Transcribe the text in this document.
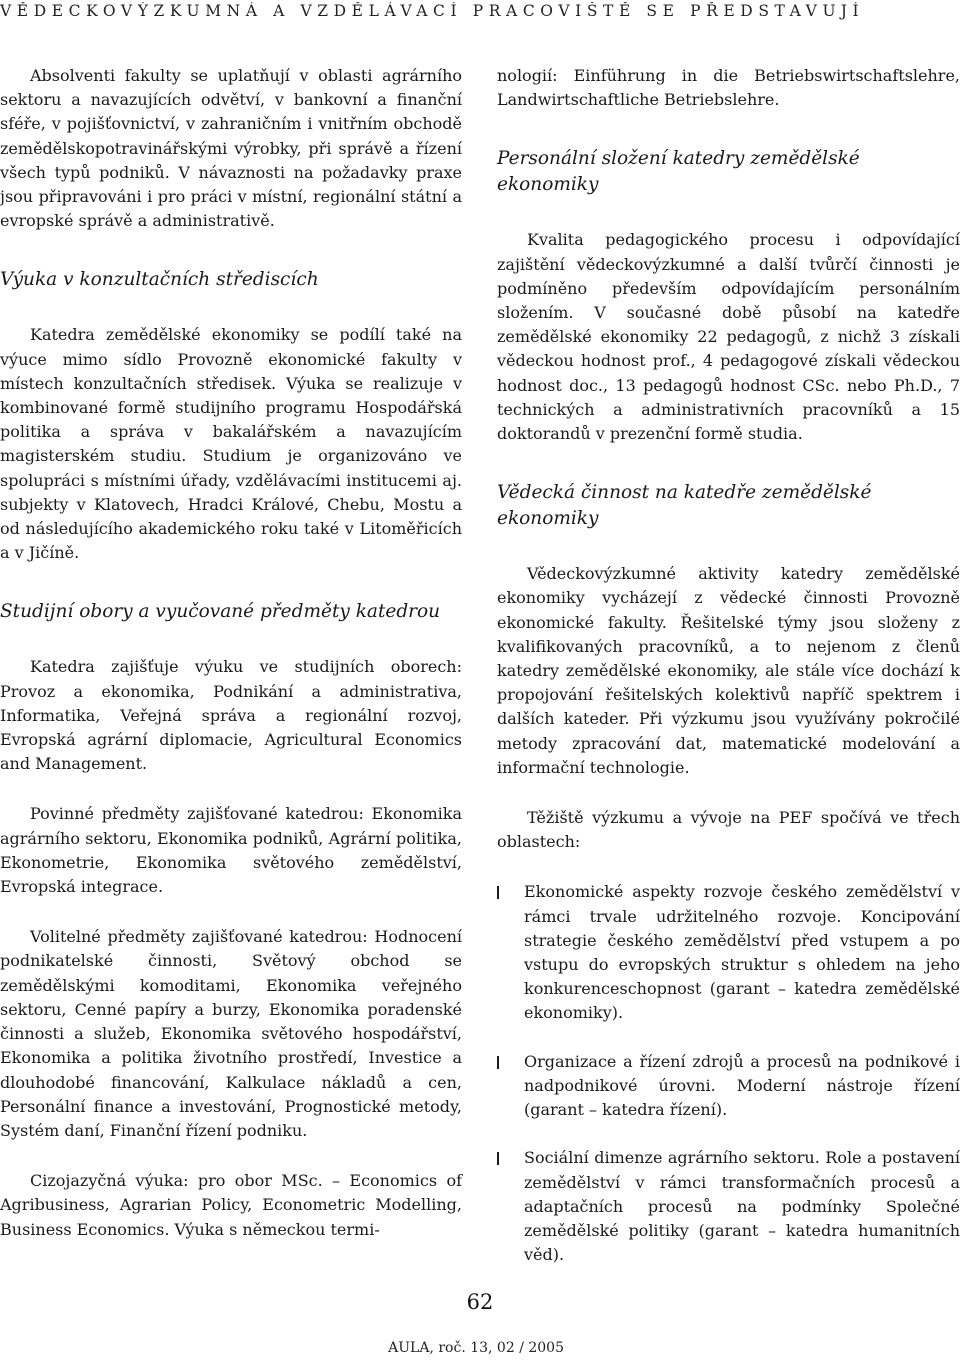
VĚDECKOVÝZKUMNÁ A VZDĚLÁVACÍ PRACOVIŠTĚ SE PŘEDSTAVUJÍ

Absolventi fakulty se uplatňují v oblasti agrárního sektoru a navazujících odvětví, v bankovní a finanční sféře, v pojišťovnictví, v zahraničním i vnitřním obchodě zemědělskopotravinářskými výrobky, při správě a řízení všech typů podniků. V návaznosti na požadavky praxe jsou připravováni i pro práci v místní, regionální státní a evropské správě a administrativě.

Výuka v konzultačních střediscích

Katedra zemědělské ekonomiky se podílí také na výuce mimo sídlo Provozně ekonomické fakulty v místech konzultačních středisek. Výuka se realizuje v kombinované formě studijního programu Hospodářská politika a správa v bakalářském a navazujícím magisterském studiu. Studium je organizováno ve spolupráci s místními úřady, vzdělávacími institucemi aj. subjekty v Klatovech, Hradci Králové, Chebu, Mostu a od následujícího akademického roku také v Litoměřicích a v Jičíně.

Studijní obory a vyučované předměty katedrou

Katedra zajišťuje výuku ve studijních oborech: Provoz a ekonomika, Podnikání a administrativa, Informatika, Veřejná správa a regionální rozvoj, Evropská agrární diplomacie, Agricultural Economics and Management.

Povinné předměty zajišťované katedrou: Ekonomika agrárního sektoru, Ekonomika podniků, Agrární politika, Ekonometrie, Ekonomika světového zemědělství, Evropská integrace.

Volitelné předměty zajišťované katedrou: Hodnocení podnikatelské činnosti, Světový obchod se zemědělskými komoditami, Ekonomika veřejného sektoru, Cenné papíry a burzy, Ekonomika poradenské činnosti a služeb, Ekonomika světového hospodářství, Ekonomika a politika životního prostředí, Investice a dlouhodobé financování, Kalkulace nákladů a cen, Personální finance a investování, Prognostické metody, Systém daní, Finanční řízení podniku.

Cizojazyčná výuka: pro obor MSc. – Economics of Agribusiness, Agrarian Policy, Econometric Modelling, Business Economics. Výuka s německou termi-

nologií: Einführung in die Betriebswirtschaftslehre, Landwirtschaftliche Betriebslehre.

Personální složení katedry zemědělské ekonomiky

Kvalita pedagogického procesu i odpovídající zajištění vědeckovýzkumné a další tvůrčí činnosti je podmíněno především odpovídajícím personálním složením. V současné době působí na katedře zemědělské ekonomiky 22 pedagogů, z nichž 3 získali vědeckou hodnost prof., 4 pedagogové získali vědeckou hodnost doc., 13 pedagogů hodnost CSc. nebo Ph.D., 7 technických a administrativních pracovníků a 15 doktorandů v prezenční formě studia.

Vědecká činnost na katedře zemědělské ekonomiky

Vědeckovýzkumné aktivity katedry zemědělské ekonomiky vycházejí z vědecké činnosti Provozně ekonomické fakulty. Řešitelské týmy jsou složeny z kvalifikovaných pracovníků, a to nejenom z členů katedry zemědělské ekonomiky, ale stále více dochází k propojování řešitelských kolektivů napříč spektrem i dalších kateder. Při výzkumu jsou využívány pokročilé metody zpracování dat, matematické modelování a informační technologie.

Těžiště výzkumu a vývoje na PEF spočívá ve třech oblastech:

Ekonomické aspekty rozvoje českého zemědělství v rámci trvale udržitelného rozvoje. Koncipování strategie českého zemědělství před vstupem a po vstupu do evropských struktur s ohledem na jeho konkurenceschopnost (garant – katedra zemědělské ekonomiky).

Organizace a řízení zdrojů a procesů na podnikové i nadpodnikové úrovni. Moderní nástroje řízení (garant – katedra řízení).

Sociální dimenze agrárního sektoru. Role a postavení zemědělství v rámci transformačních procesů a adaptačních procesů na podmínky Společné zemědělské politiky (garant – katedra humanitních věd).

62
AULA, roč. 13, 02 / 2005
